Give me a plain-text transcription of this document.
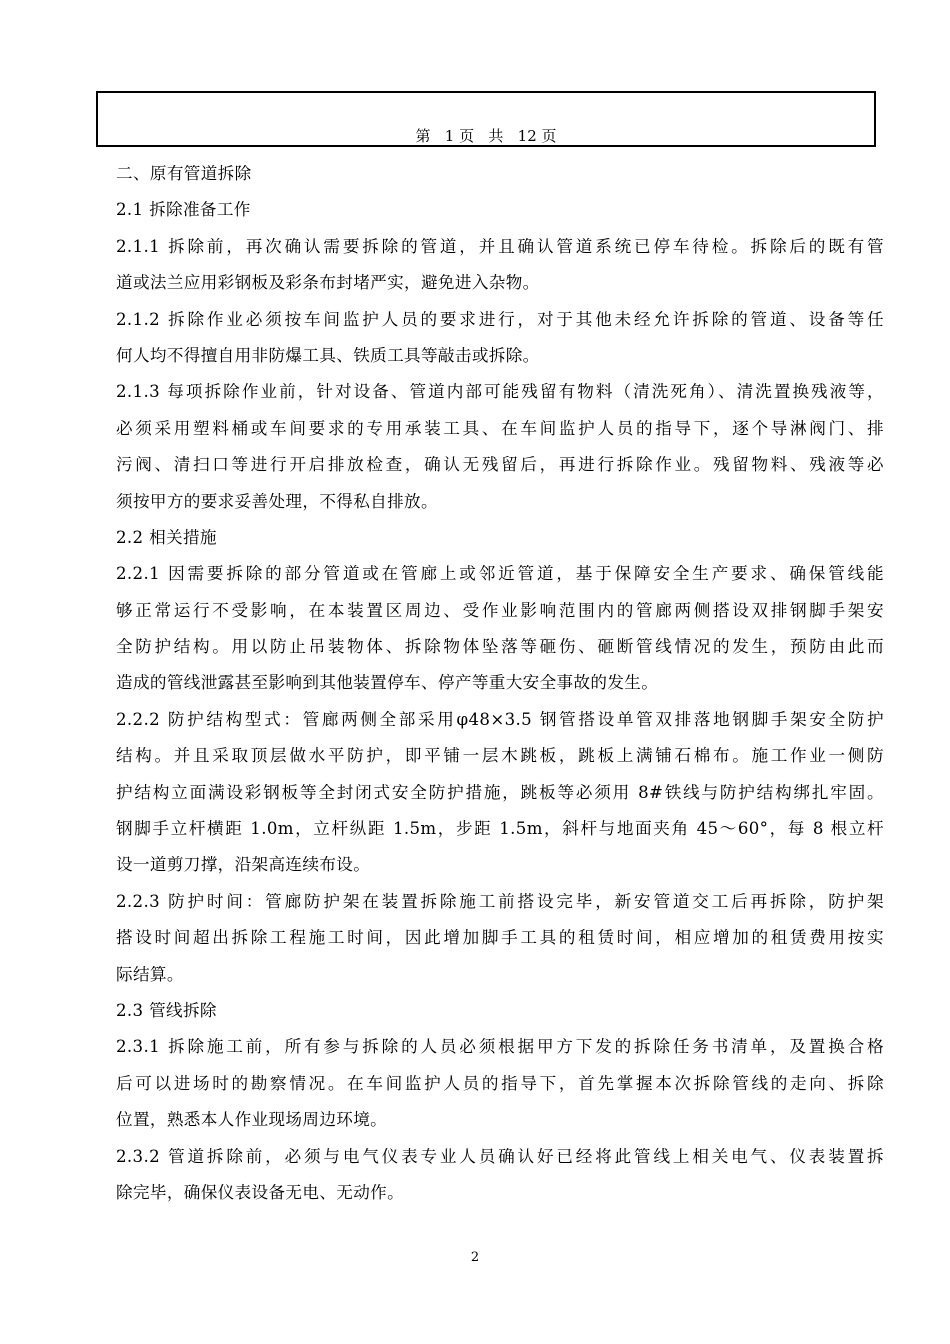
第   1 页   共   12 页
二、原有管道拆除
2.1 拆除准备工作
2.1.1 拆除前，再次确认需要拆除的管道，并且确认管道系统已停车待检。拆除后的既有管
道或法兰应用彩钢板及彩条布封堵严实，避免进入杂物。
2.1.2 拆除作业必须按车间监护人员的要求进行，对于其他未经允许拆除的管道、设备等任
何人均不得擅自用非防爆工具、铁质工具等敲击或拆除。
2.1.3 每项拆除作业前，针对设备、管道内部可能残留有物料（清洗死角）、清洗置换残液等，
必须采用塑料桶或车间要求的专用承装工具、在车间监护人员的指导下，逐个导淋阀门、排
污阀、清扫口等进行开启排放检查，确认无残留后，再进行拆除作业。残留物料、残液等必
须按甲方的要求妥善处理，不得私自排放。
2.2 相关措施
2.2.1 因需要拆除的部分管道或在管廊上或邻近管道，基于保障安全生产要求、确保管线能
够正常运行不受影响，在本装置区周边、受作业影响范围内的管廊两侧搭设双排钢脚手架安
全防护结构。用以防止吊装物体、拆除物体坠落等砸伤、砸断管线情况的发生，预防由此而
造成的管线泄露甚至影响到其他装置停车、停产等重大安全事故的发生。
2.2.2 防护结构型式：管廊两侧全部采用φ48×3.5 钢管搭设单管双排落地钢脚手架安全防护
结构。并且采取顶层做水平防护，即平铺一层木跳板，跳板上满铺石棉布。施工作业一侧防
护结构立面满设彩钢板等全封闭式安全防护措施，跳板等必须用 8#铁线与防护结构绑扎牢固。
钢脚手立杆横距 1.0m，立杆纵距 1.5m，步距 1.5m，斜杆与地面夹角 45～60°，每 8 根立杆
设一道剪刀撑，沿架高连续布设。
2.2.3 防护时间：管廊防护架在装置拆除施工前搭设完毕，新安管道交工后再拆除，防护架
搭设时间超出拆除工程施工时间，因此增加脚手工具的租赁时间，相应增加的租赁费用按实
际结算。
2.3 管线拆除
2.3.1 拆除施工前，所有参与拆除的人员必须根据甲方下发的拆除任务书清单，及置换合格
后可以进场时的勘察情况。在车间监护人员的指导下，首先掌握本次拆除管线的走向、拆除
位置，熟悉本人作业现场周边环境。
2.3.2 管道拆除前，必须与电气仪表专业人员确认好已经将此管线上相关电气、仪表装置拆
除完毕，确保仪表设备无电、无动作。
2
